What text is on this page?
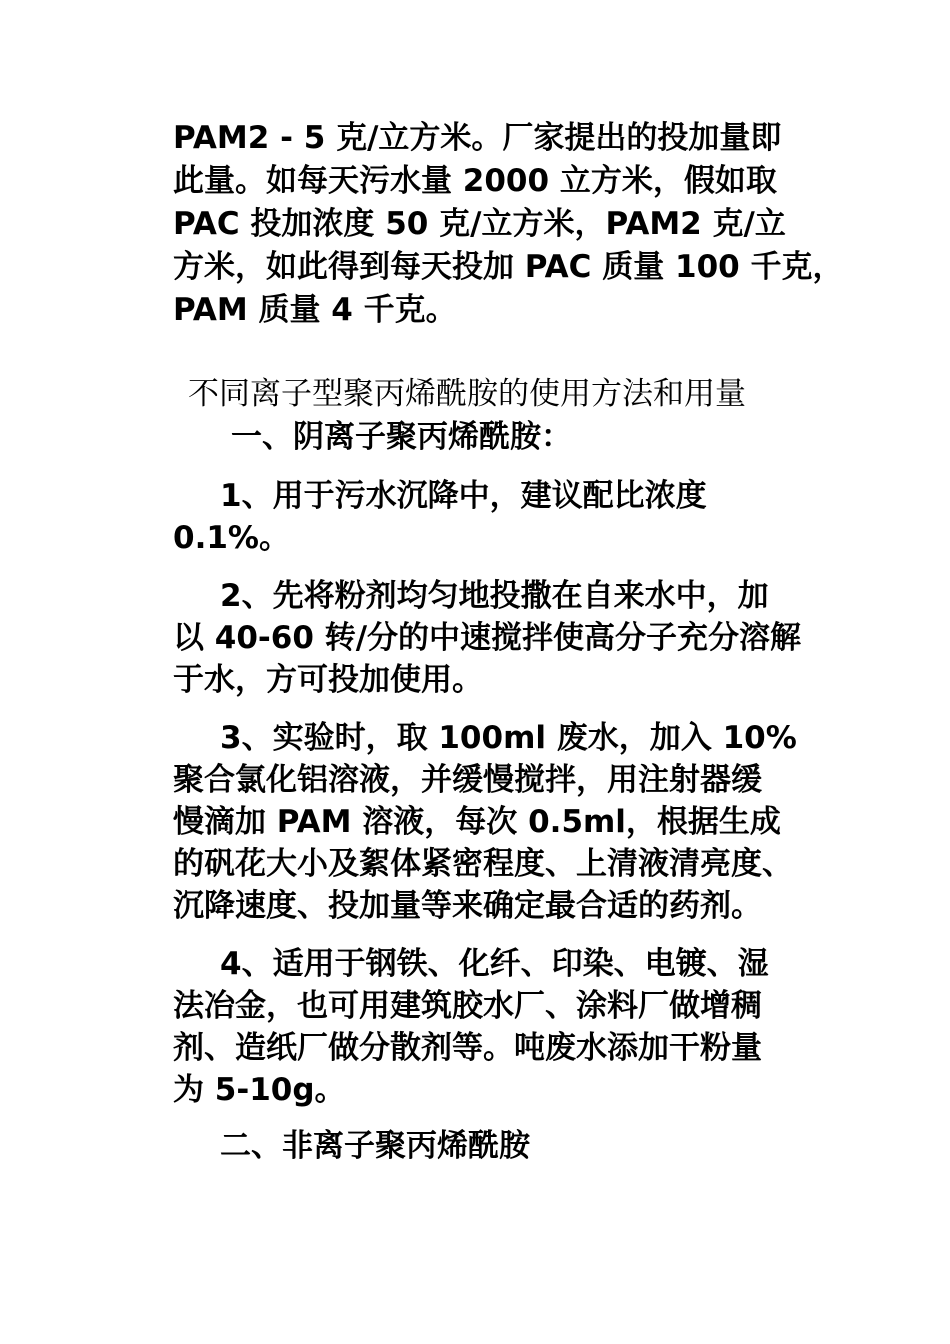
PAM2 - 5 克/立方米。厂家提出的投加量即
此量。如每天污水量 2000 立方米，假如取
PAC 投加浓度 50 克/立方米，PAM2 克/立
方米，如此得到每天投加 PAC 质量 100 千克，
PAM 质量 4 千克。
不同离子型聚丙烯酰胺的使用方法和用量
一、阴离子聚丙烯酰胺：
1、用于污水沉降中，建议配比浓度
0.1%。
2、先将粉剂均匀地投撒在自来水中，加
以 40-60 转/分的中速搅拌使高分子充分溶解
于水，方可投加使用。
3、实验时，取 100ml 废水，加入 10%
聚合氯化铝溶液，并缓慢搅拌，用注射器缓
慢滴加 PAM 溶液，每次 0.5ml，根据生成
的矾花大小及絮体紧密程度、上清液清亮度、
沉降速度、投加量等来确定最合适的药剂。
4、适用于钢铁、化纤、印染、电镀、湿
法冶金，也可用建筑胶水厂、涂料厂做增稠
剂、造纸厂做分散剂等。吨废水添加干粉量
为 5-10g。
二、非离子聚丙烯酰胺
